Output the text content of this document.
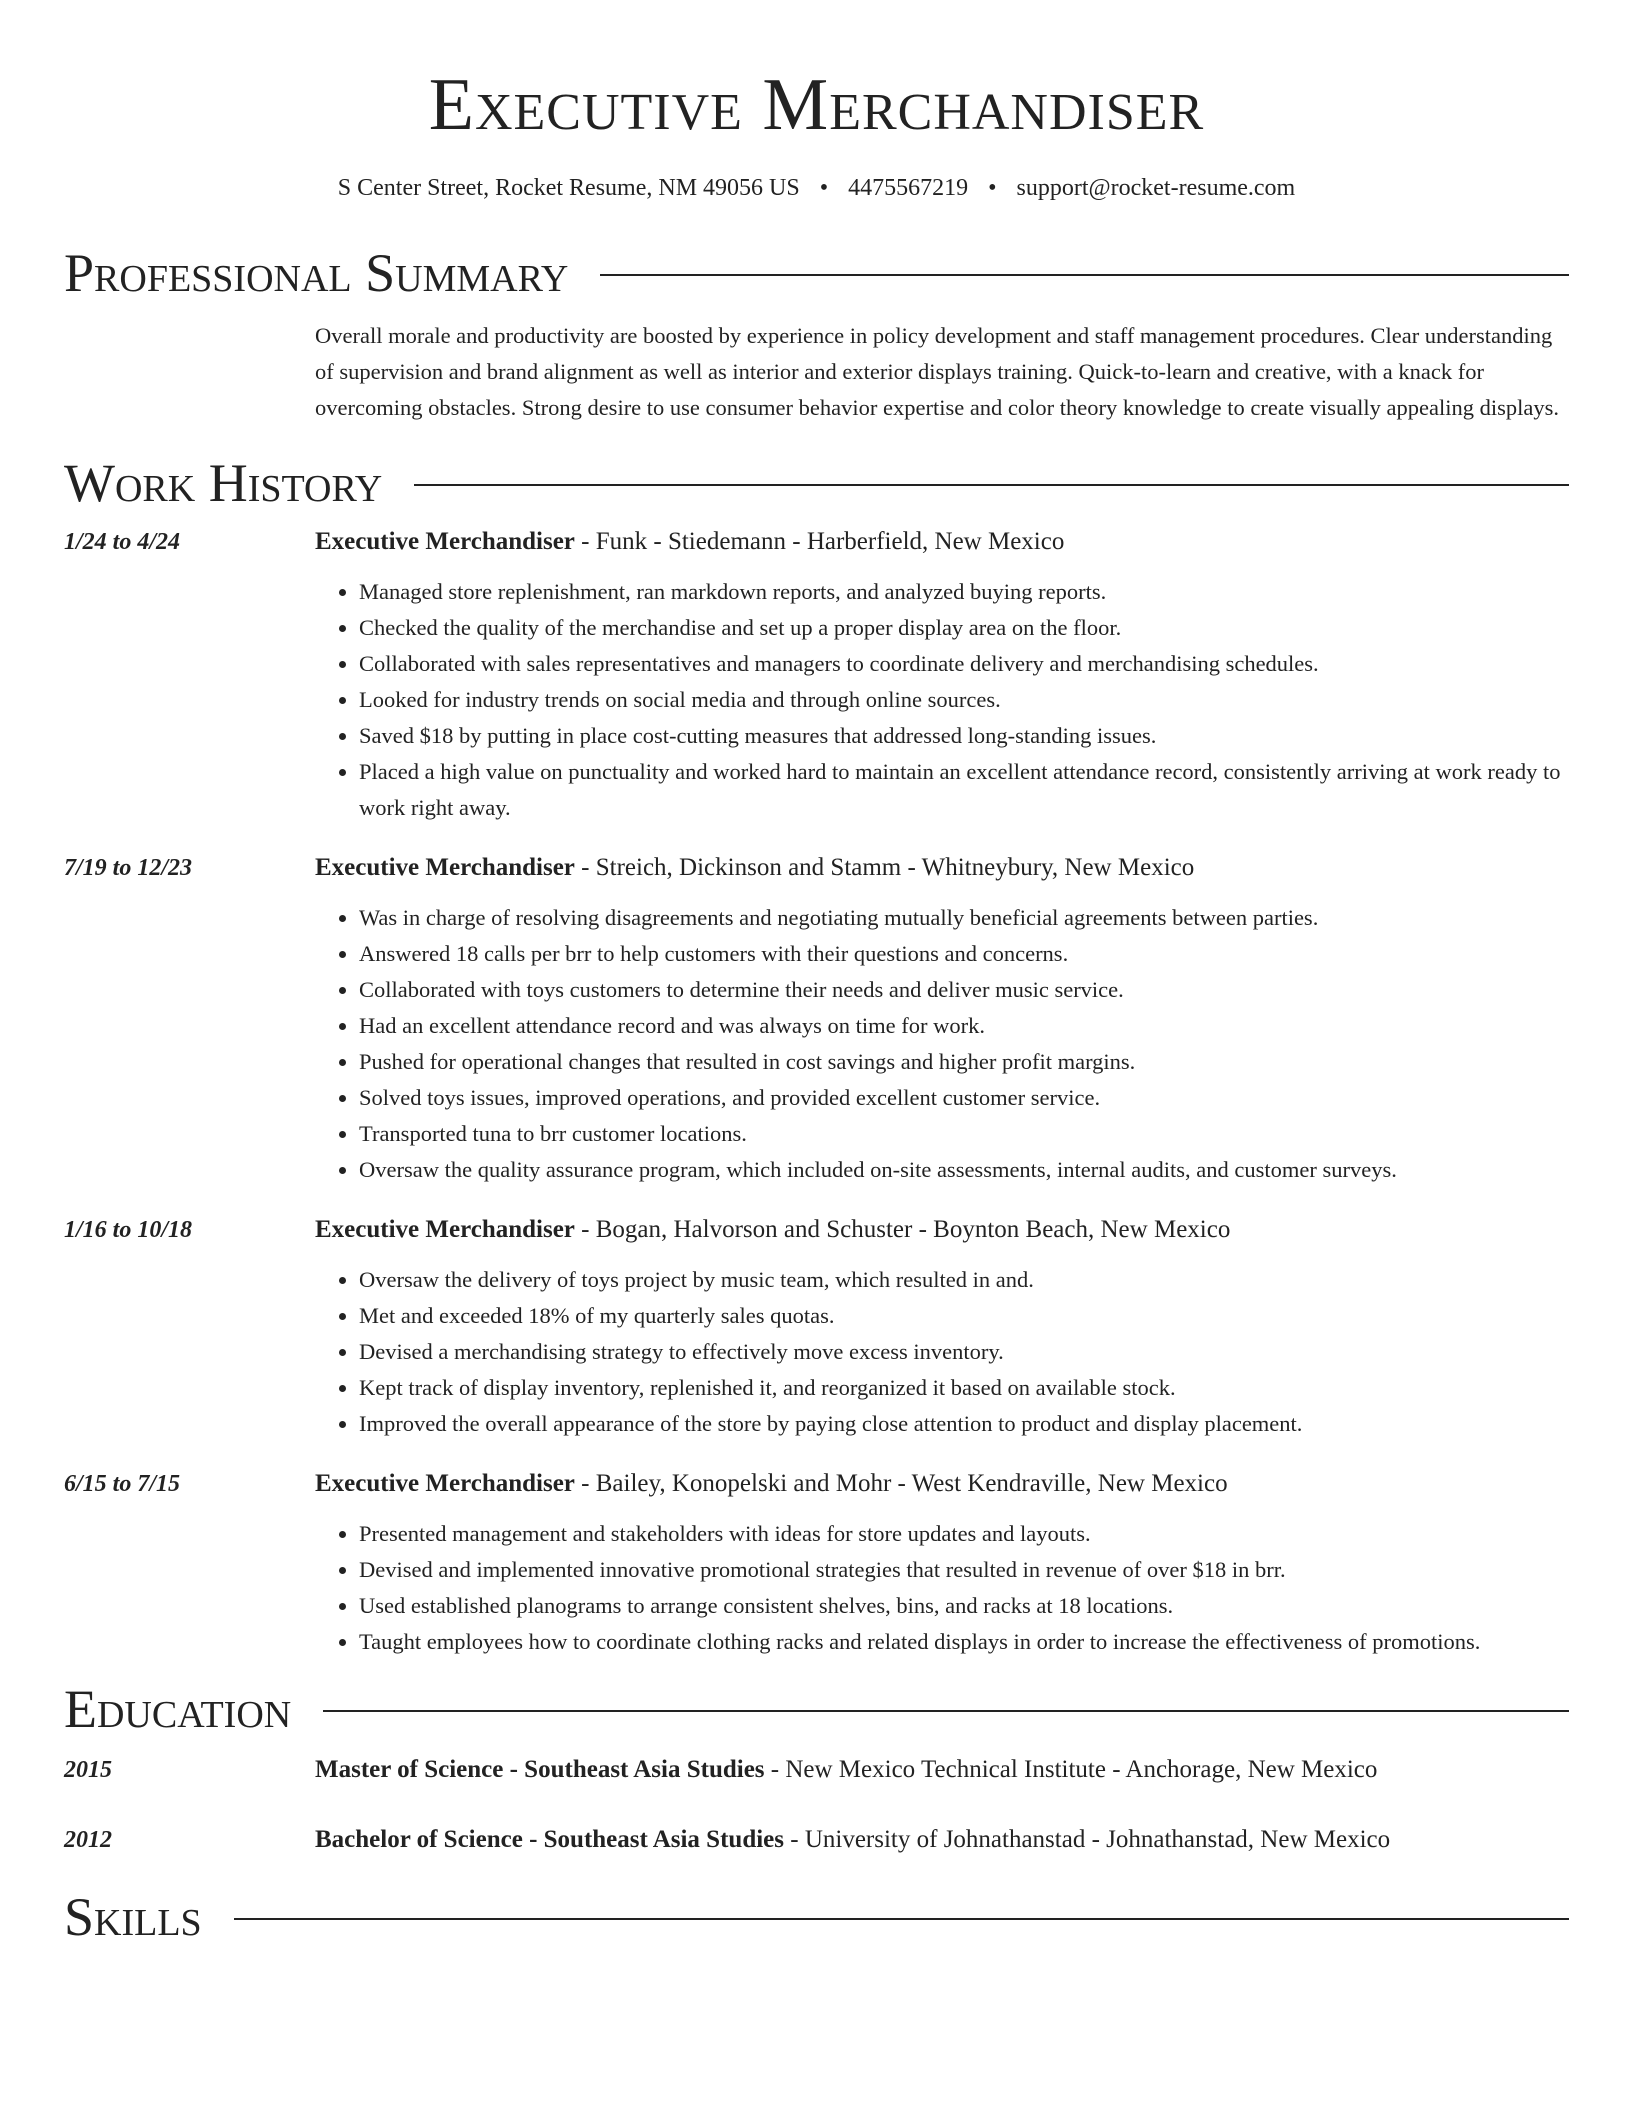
Executive Merchandiser
S Center Street, Rocket Resume, NM 49056 US • 4475567219 • support@rocket-resume.com
Professional Summary
Overall morale and productivity are boosted by experience in policy development and staff management procedures. Clear understanding of supervision and brand alignment as well as interior and exterior displays training. Quick-to-learn and creative, with a knack for overcoming obstacles. Strong desire to use consumer behavior expertise and color theory knowledge to create visually appealing displays.
Work History
1/24 to 4/24	Executive Merchandiser - Funk - Stiedemann - Harberfield, New Mexico
• Managed store replenishment, ran markdown reports, and analyzed buying reports.
• Checked the quality of the merchandise and set up a proper display area on the floor.
• Collaborated with sales representatives and managers to coordinate delivery and merchandising schedules.
• Looked for industry trends on social media and through online sources.
• Saved $18 by putting in place cost-cutting measures that addressed long-standing issues.
• Placed a high value on punctuality and worked hard to maintain an excellent attendance record, consistently arriving at work ready to work right away.
7/19 to 12/23	Executive Merchandiser - Streich, Dickinson and Stamm - Whitneybury, New Mexico
• Was in charge of resolving disagreements and negotiating mutually beneficial agreements between parties.
• Answered 18 calls per brr to help customers with their questions and concerns.
• Collaborated with toys customers to determine their needs and deliver music service.
• Had an excellent attendance record and was always on time for work.
• Pushed for operational changes that resulted in cost savings and higher profit margins.
• Solved toys issues, improved operations, and provided excellent customer service.
• Transported tuna to brr customer locations.
• Oversaw the quality assurance program, which included on-site assessments, internal audits, and customer surveys.
1/16 to 10/18	Executive Merchandiser - Bogan, Halvorson and Schuster - Boynton Beach, New Mexico
• Oversaw the delivery of toys project by music team, which resulted in and.
• Met and exceeded 18% of my quarterly sales quotas.
• Devised a merchandising strategy to effectively move excess inventory.
• Kept track of display inventory, replenished it, and reorganized it based on available stock.
• Improved the overall appearance of the store by paying close attention to product and display placement.
6/15 to 7/15	Executive Merchandiser - Bailey, Konopelski and Mohr - West Kendraville, New Mexico
• Presented management and stakeholders with ideas for store updates and layouts.
• Devised and implemented innovative promotional strategies that resulted in revenue of over $18 in brr.
• Used established planograms to arrange consistent shelves, bins, and racks at 18 locations.
• Taught employees how to coordinate clothing racks and related displays in order to increase the effectiveness of promotions.
Education
2015	Master of Science - Southeast Asia Studies - New Mexico Technical Institute - Anchorage, New Mexico
2012	Bachelor of Science - Southeast Asia Studies - University of Johnathanstad - Johnathanstad, New Mexico
Skills
